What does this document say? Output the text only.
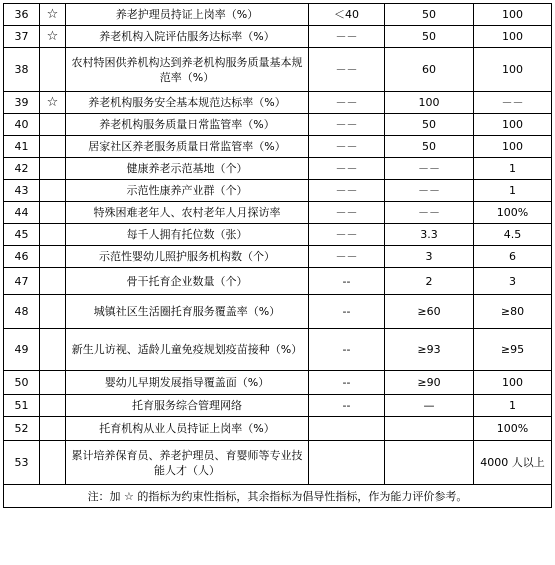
36	☆	养老护理员持证上岗率（%）	＜40	50	100
37	☆	养老机构入院评估服务达标率（%）	－－	50	100
38		农村特困供养机构达到养老机构服务质量基本规范率（%）	－－	60	100
39	☆	养老机构服务安全基本规范达标率（%）	－－	100	－－
40		养老机构服务质量日常监管率（%）	－－	50	100
41		居家社区养老服务质量日常监管率（%）	－－	50	100
42		健康养老示范基地（个）	－－	－－	1
43		示范性康养产业群（个）	－－	－－	1
44		特殊困难老年人、农村老年人月探访率	－－	－－	100%
45		每千人拥有托位数（张）	－－	3.3	4.5
46		示范性婴幼儿照护服务机构数（个）	－－	3	6
47		骨干托育企业数量（个）	--	2	3
48		城镇社区生活圈托育服务覆盖率（%）	--	≥60	≥80
49		新生儿访视、适龄儿童免疫规划疫苗接种（%）	--	≥93	≥95
50		婴幼儿早期发展指导覆盖面（%）	--	≥90	100
51		托育服务综合管理网络	--	—	1
52		托育机构从业人员持证上岗率（%）			100%
53		累计培养保育员、养老护理员、育婴师等专业技能人才（人）			4000 人以上
注：加 ☆ 的指标为约束性指标，其余指标为倡导性指标，作为能力评价参考。					
